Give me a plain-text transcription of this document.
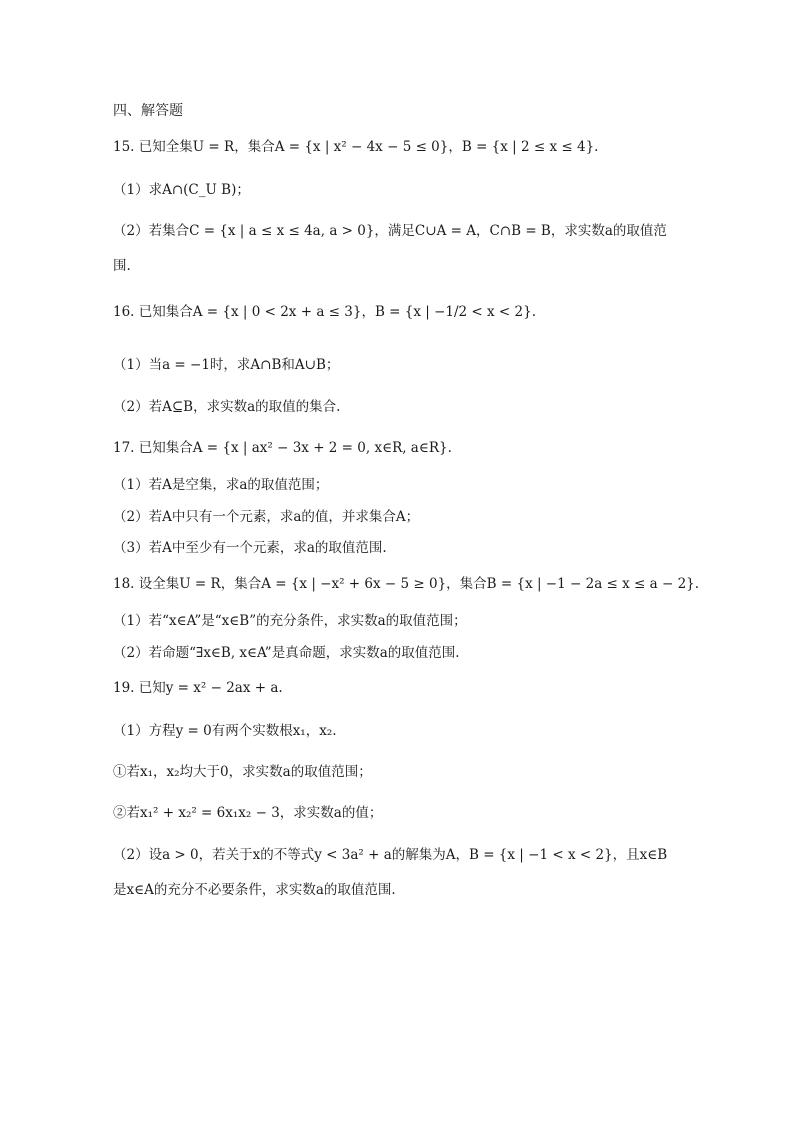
四、解答题
15. 已知全集U = R，集合A = {x | x² − 4x − 5 ≤ 0}，B = {x | 2 ≤ x ≤ 4}.
（1）求A∩(C_U B)；
（2）若集合C = {x | a ≤ x ≤ 4a, a > 0}，满足C∪A = A，C∩B = B，求实数a的取值范
围.
16. 已知集合A = {x | 0 < 2x + a ≤ 3}，B = {x | −1/2 < x < 2}.
（1）当a = −1时，求A∩B和A∪B；
（2）若A⊆B，求实数a的取值的集合.
17. 已知集合A = {x | ax² − 3x + 2 = 0, x∈R, a∈R}.
（1）若A是空集，求a的取值范围；
（2）若A中只有一个元素，求a的值，并求集合A；
（3）若A中至少有一个元素，求a的取值范围.
18. 设全集U = R，集合A = {x | −x² + 6x − 5 ≥ 0}，集合B = {x | −1 − 2a ≤ x ≤ a − 2}.
（1）若“x∈A”是“x∈B”的充分条件，求实数a的取值范围；
（2）若命题“∃x∈B, x∈A”是真命题，求实数a的取值范围.
19. 已知y = x² − 2ax + a.
（1）方程y = 0有两个实数根x₁，x₂.
①若x₁，x₂均大于0，求实数a的取值范围；
②若x₁² + x₂² = 6x₁x₂ − 3，求实数a的值；
（2）设a > 0，若关于x的不等式y < 3a² + a的解集为A，B = {x | −1 < x < 2}，且x∈B
是x∈A的充分不必要条件，求实数a的取值范围.
